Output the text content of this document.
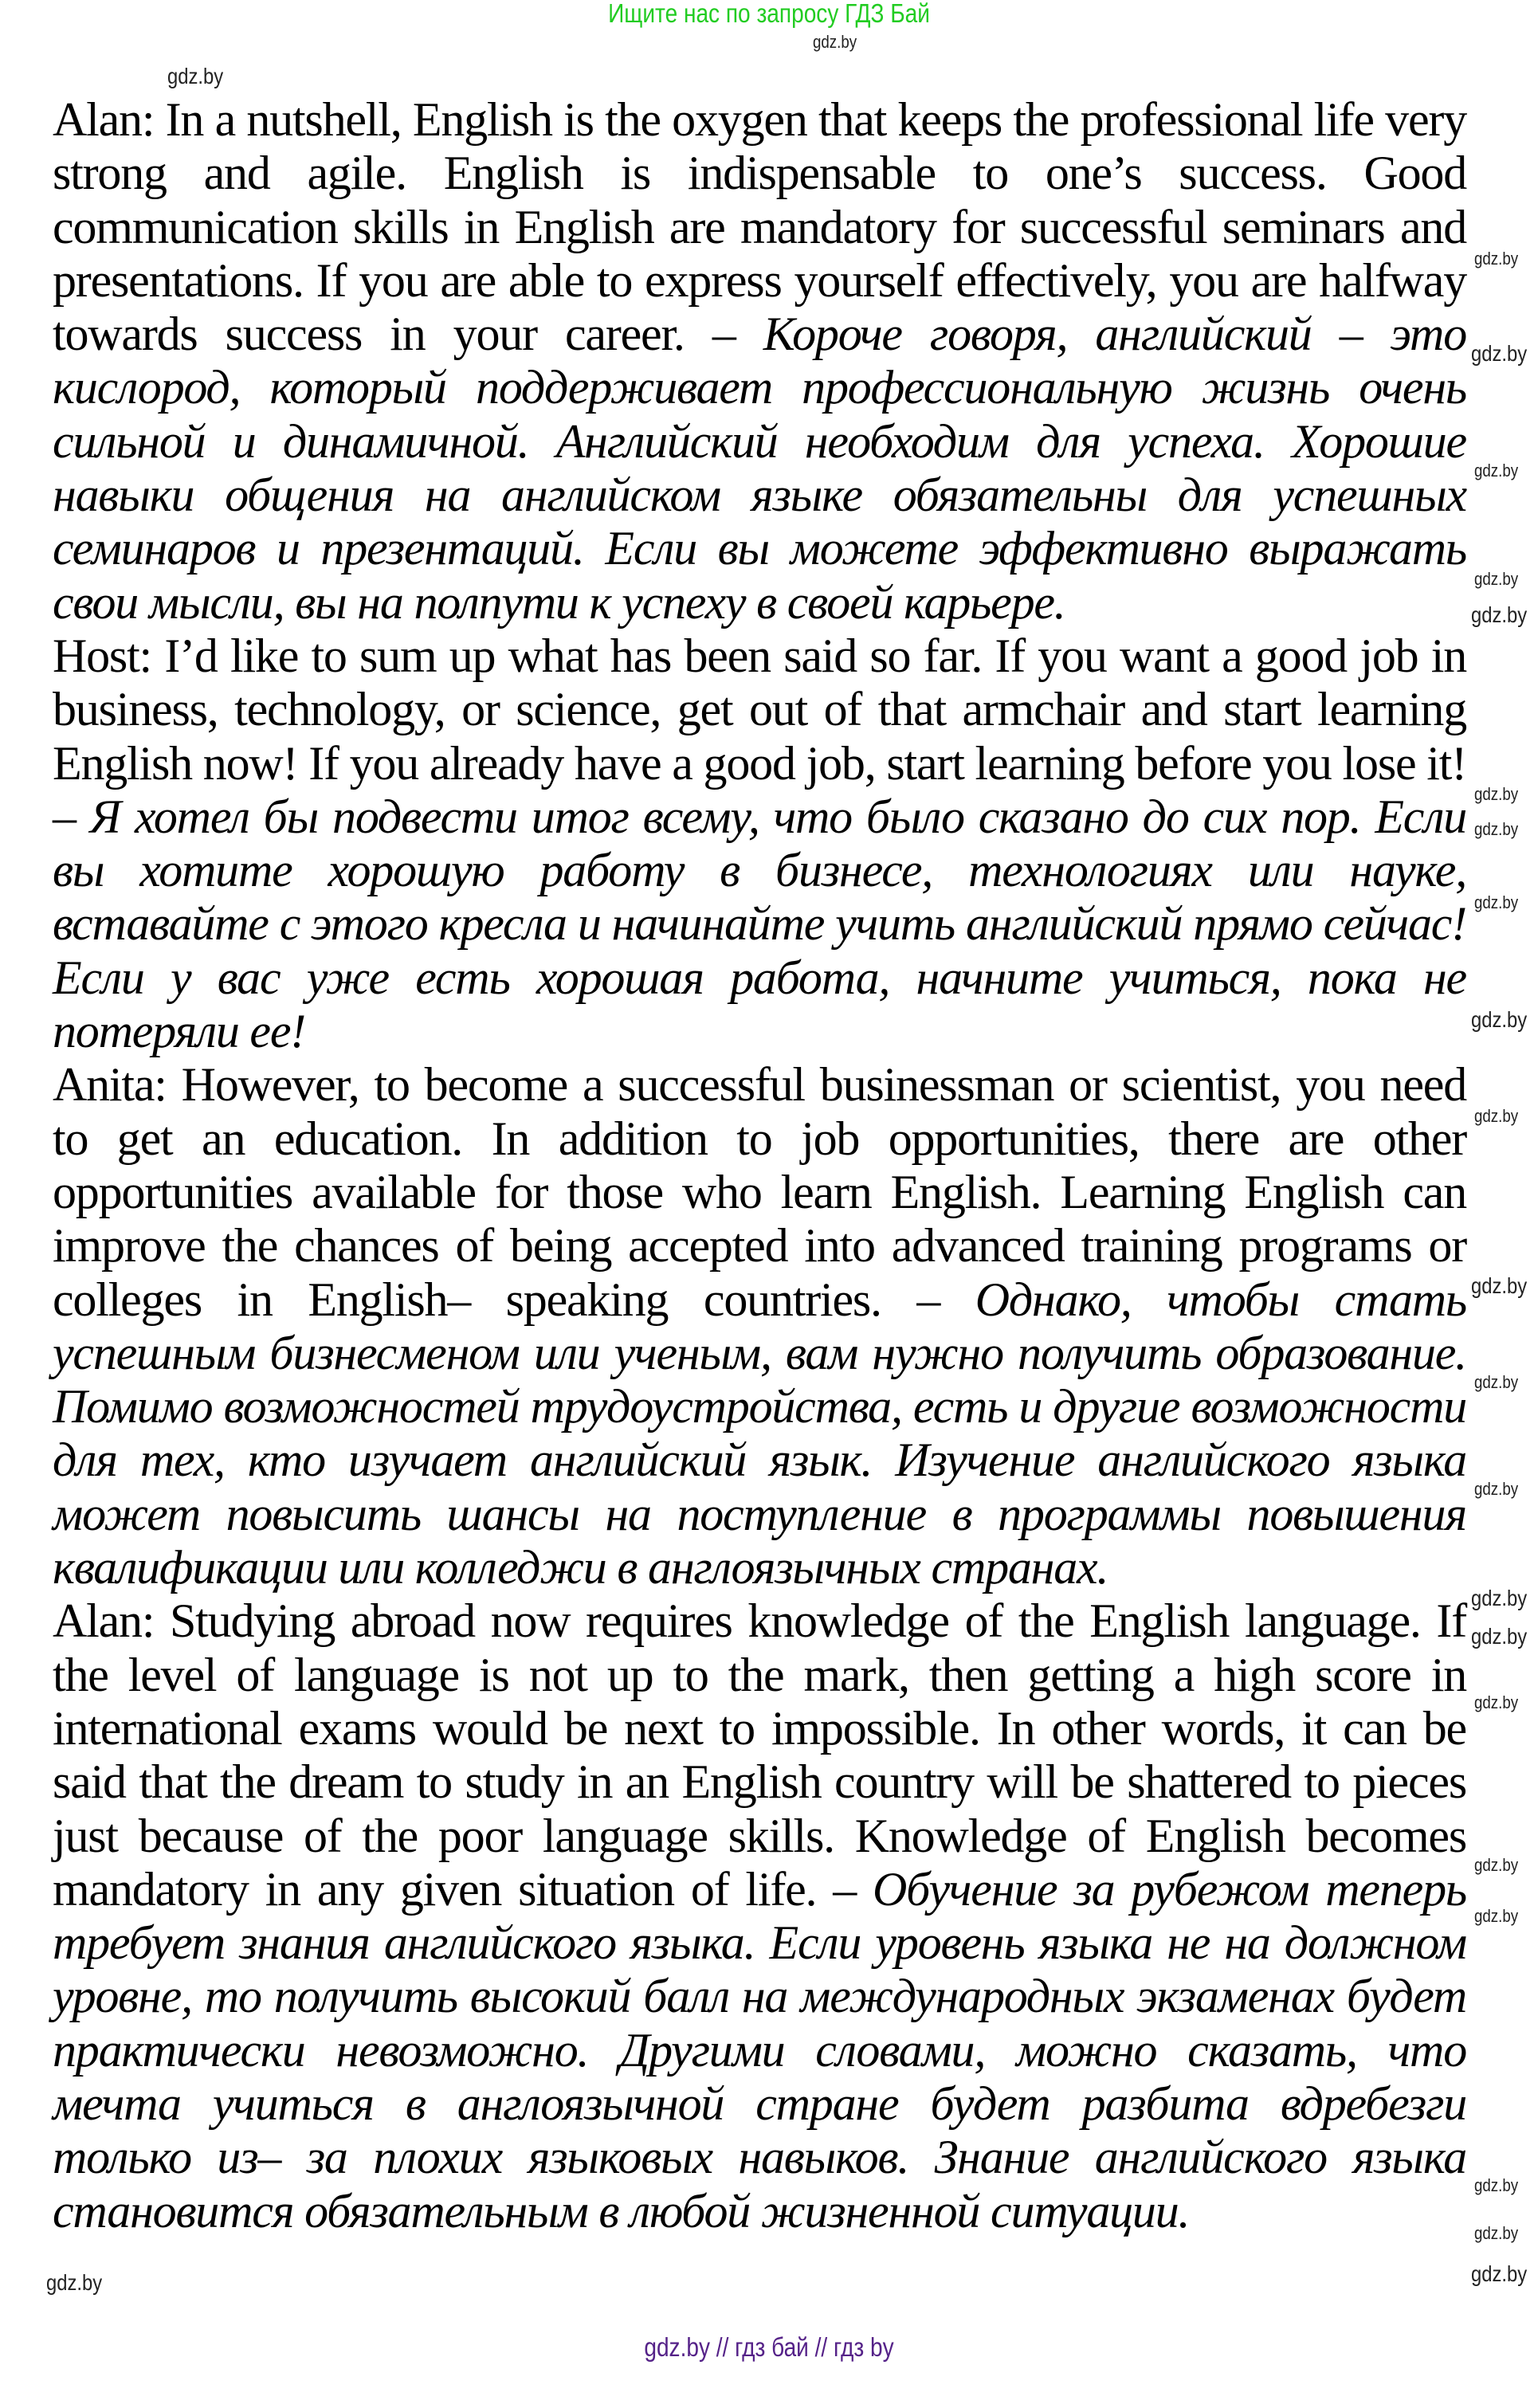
Ищите нас по запросу ГДЗ Бай
gdz.by
gdz.by
gdz.by
gdz.by
gdz.by
gdz.by
gdz.by
gdz.by
gdz.by
gdz.by
gdz.by
gdz.by
gdz.by
gdz.by
gdz.by
gdz.by
gdz.by
gdz.by
gdz.by
gdz.by
gdz.by
gdz.by
gdz.by

Alan: In a nutshell, English is the oxygen that keeps the professional life very strong and agile. English is indispensable to one’s success. Good communication skills in English are mandatory for successful seminars and presentations. If you are able to express yourself effectively, you are halfway towards success in your career. – Короче говоря, английский – это кислород, который поддерживает профессиональную жизнь очень сильной и динамичной. Английский необходим для успеха. Хорошие навыки общения на английском языке обязательны для успешных семинаров и презентаций. Если вы можете эффективно выражать свои мысли, вы на полпути к успеху в своей карьере.

Host: I’d like to sum up what has been said so far. If you want a good job in business, technology, or science, get out of that armchair and start learning English now! If you already have a good job, start learning before you lose it! – Я хотел бы подвести итог всему, что было сказано до сих пор. Если вы хотите хорошую работу в бизнесе, технологиях или науке, вставайте с этого кресла и начинайте учить английский прямо сейчас! Если у вас уже есть хорошая работа, начните учиться, пока не потеряли ее!

Anita: However, to become a successful businessman or scientist, you need to get an education. In addition to job opportunities, there are other opportunities available for those who learn English. Learning English can improve the chances of being accepted into advanced training programs or colleges in English– speaking countries. – Однако, чтобы стать успешным бизнесменом или ученым, вам нужно получить образование. Помимо возможностей трудоустройства, есть и другие возможности для тех, кто изучает английский язык. Изучение английского языка может повысить шансы на поступление в программы повышения квалификации или колледжи в англоязычных странах.

Alan: Studying abroad now requires knowledge of the English language. If the level of language is not up to the mark, then getting a high score in international exams would be next to impossible. In other words, it can be said that the dream to study in an English country will be shattered to pieces just because of the poor language skills. Knowledge of English becomes mandatory in any given situation of life. – Обучение за рубежом теперь требует знания английского языка. Если уровень языка не на должном уровне, то получить высокий балл на международных экзаменах будет практически невозможно. Другими словами, можно сказать, что мечта учиться в англоязычной стране будет разбита вдребезги только из– за плохих языковых навыков. Знание английского языка становится обязательным в любой жизненной ситуации.

gdz.by
gdz.by // гдз бай // гдз by
